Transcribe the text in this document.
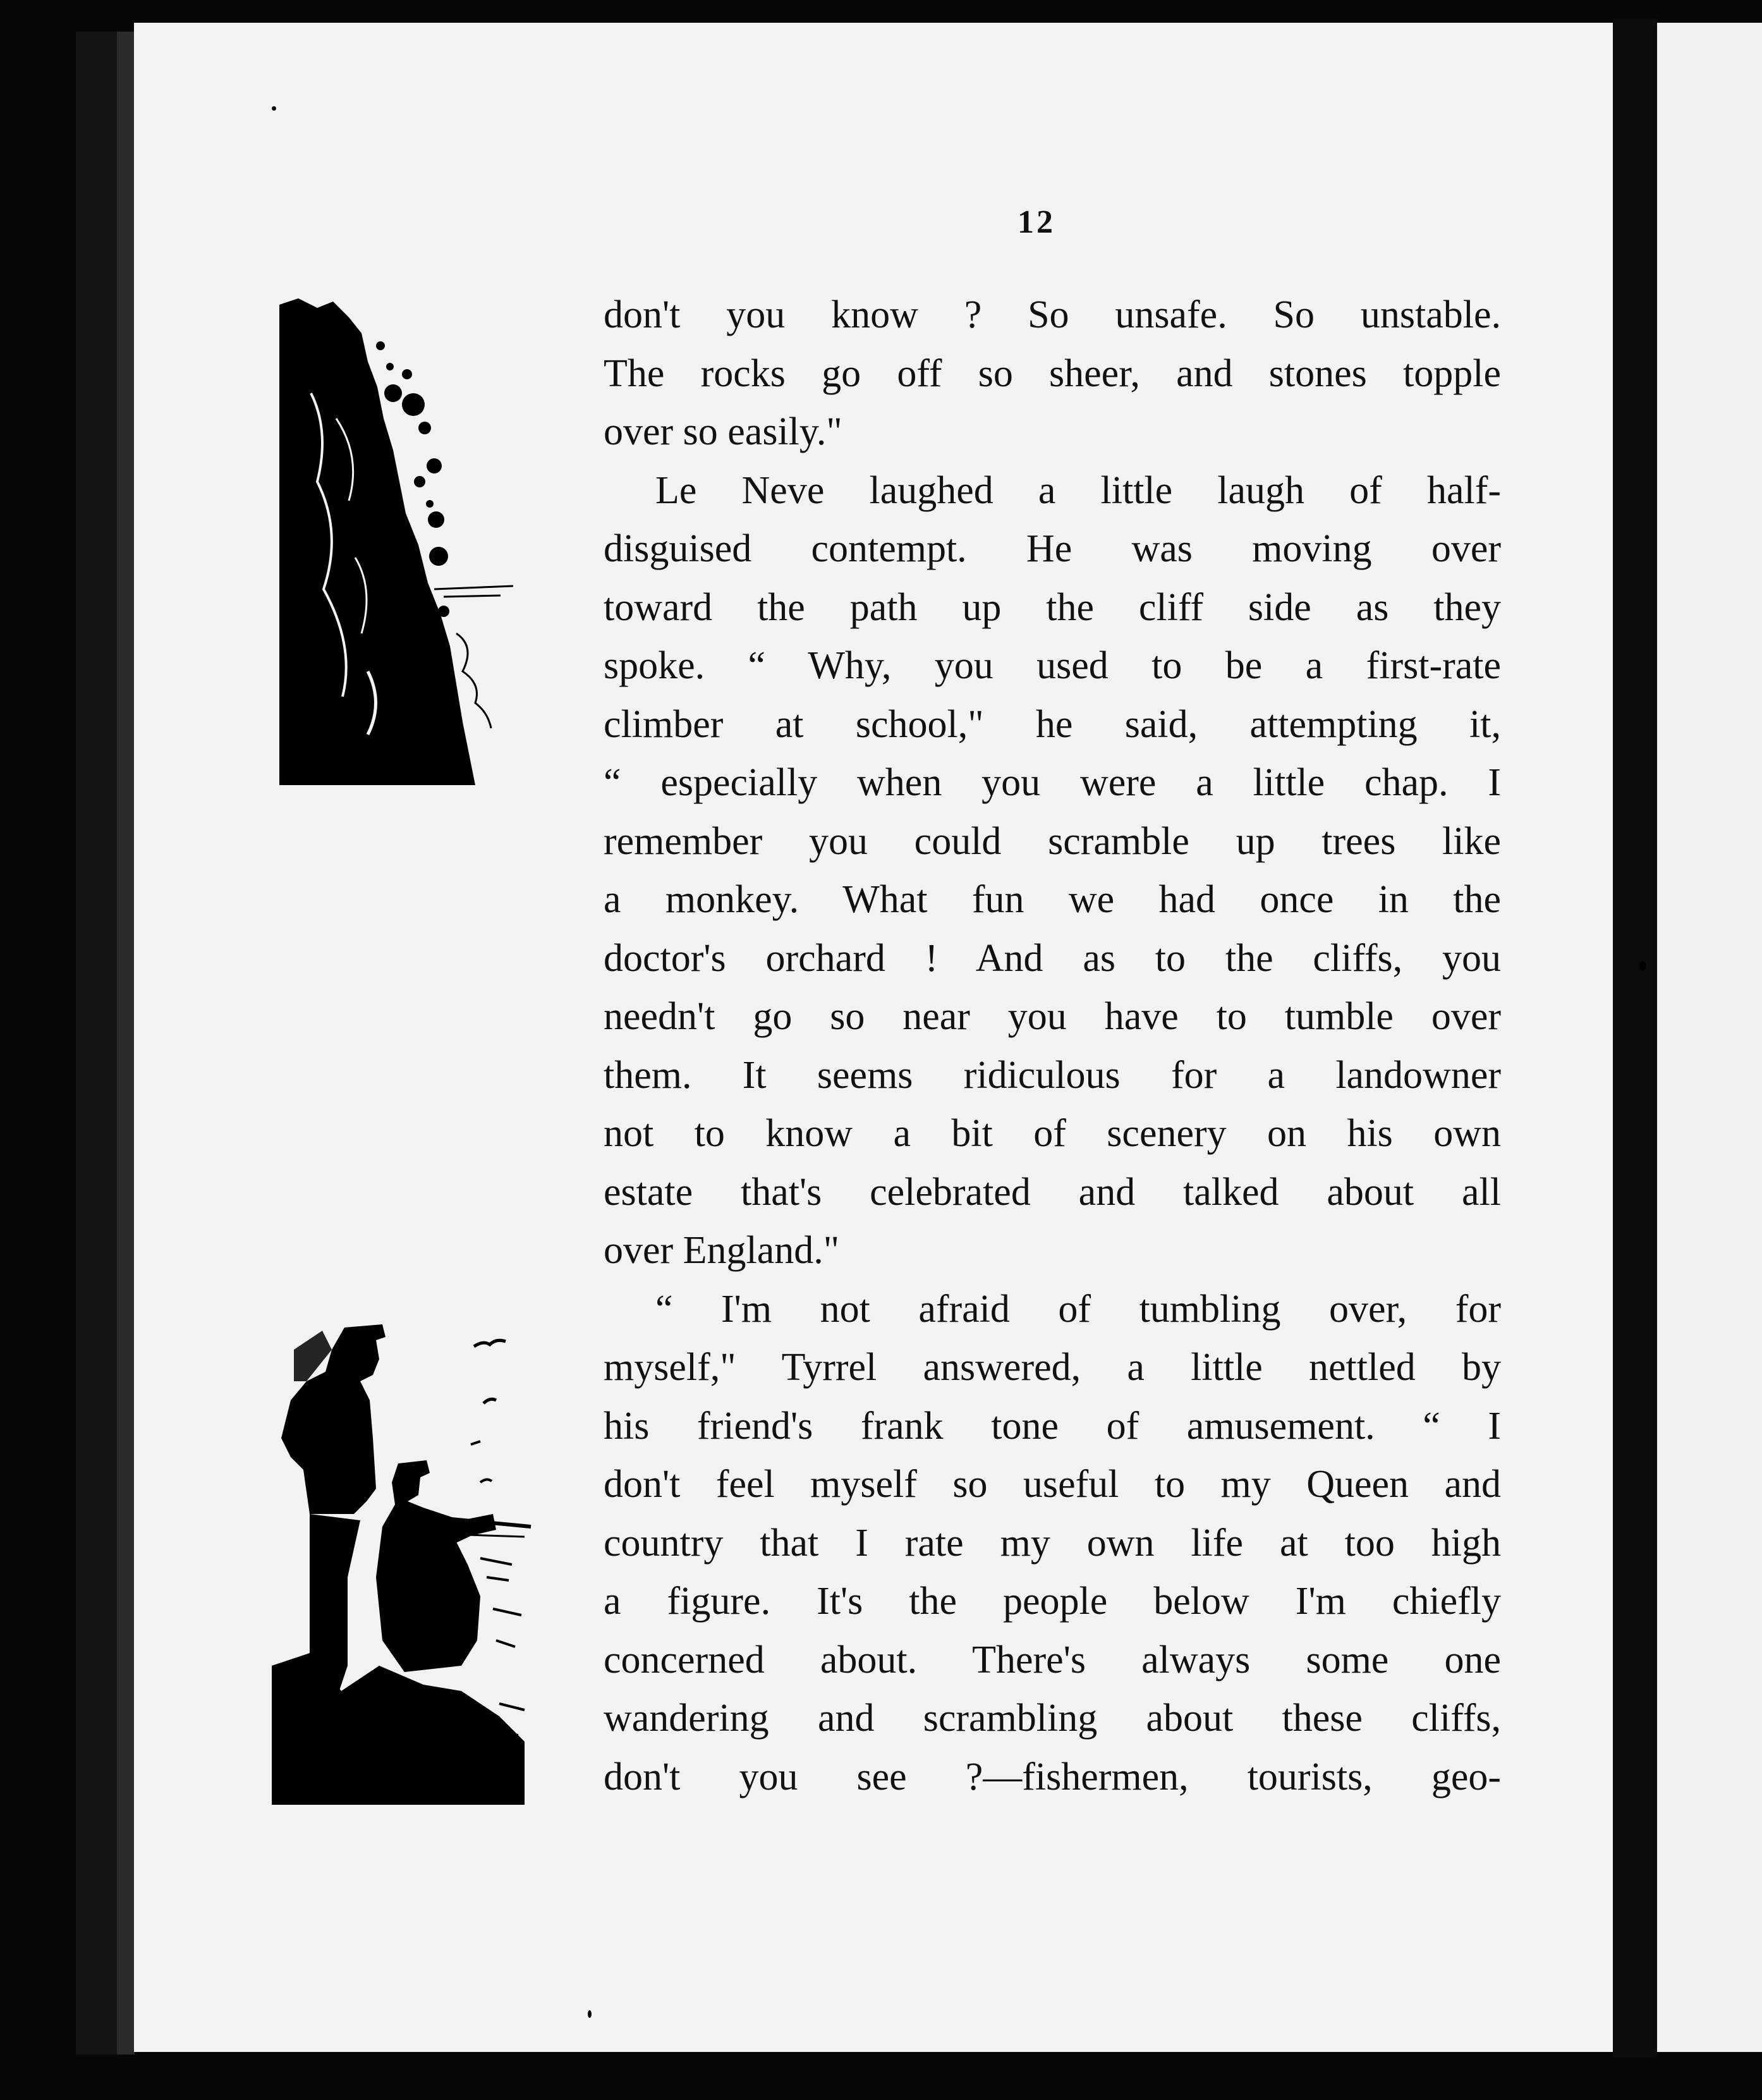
12
don't you know ? So unsafe. So unstable.
The rocks go off so sheer, and stones topple
over so easily."
Le Neve laughed a little laugh of half-
disguised contempt. He was moving over
toward the path up the cliff side as they
spoke. “ Why, you used to be a first-rate
climber at school," he said, attempting it,
“ especially when you were a little chap. I
remember you could scramble up trees like
a monkey. What fun we had once in the
doctor's orchard ! And as to the cliffs, you
needn't go so near you have to tumble over
them. It seems ridiculous for a landowner
not to know a bit of scenery on his own
estate that's celebrated and talked about all
over England."
“ I'm not afraid of tumbling over, for
myself," Tyrrel answered, a little nettled by
his friend's frank tone of amusement. “ I
don't feel myself so useful to my Queen and
country that I rate my own life at too high
a figure. It's the people below I'm chiefly
concerned about. There's always some one
wandering and scrambling about these cliffs,
don't you see ?—fishermen, tourists, geo-
